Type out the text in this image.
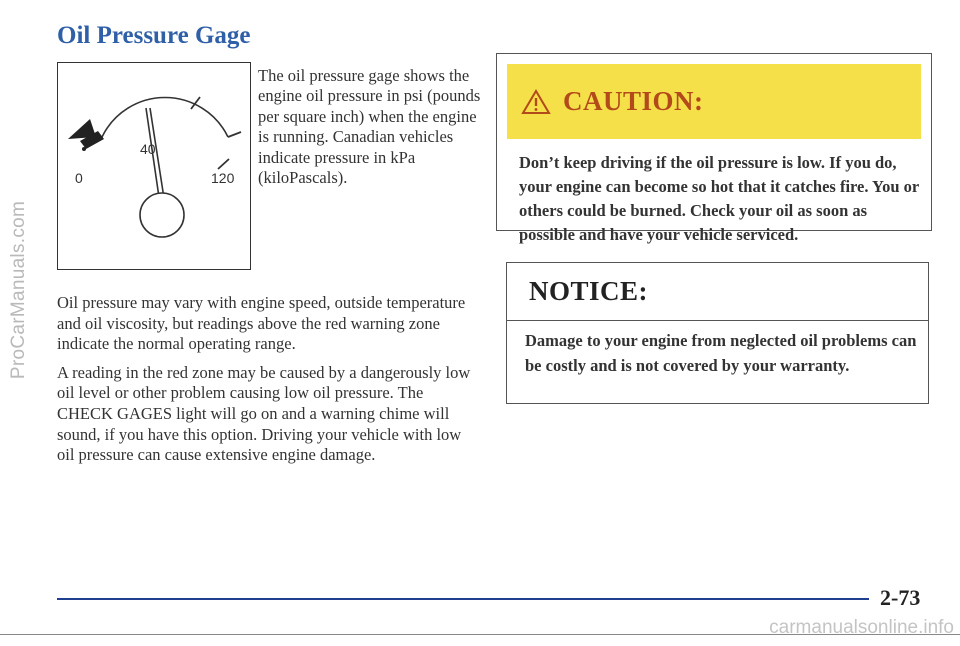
ProCarManuals.com
Oil Pressure Gage
0
40
120
The oil pressure gage shows the engine oil pressure in psi (pounds per square inch) when the engine is running. Canadian vehicles indicate pressure in kPa (kiloPascals).

Oil pressure may vary with engine speed, outside temperature and oil viscosity, but readings above the red warning zone indicate the normal operating range.

A reading in the red zone may be caused by a dangerously low oil level or other problem causing low oil pressure. The CHECK GAGES light will go on and a warning chime will sound, if you have this option. Driving your vehicle with low oil pressure can cause extensive engine damage.

CAUTION:
Don’t keep driving if the oil pressure is low. If you do, your engine can become so hot that it catches fire. You or others could be burned. Check your oil as soon as possible and have your vehicle serviced.
NOTICE:
Damage to your engine from neglected oil problems can be costly and is not covered by your warranty.
2-73
carmanualsonline.info
